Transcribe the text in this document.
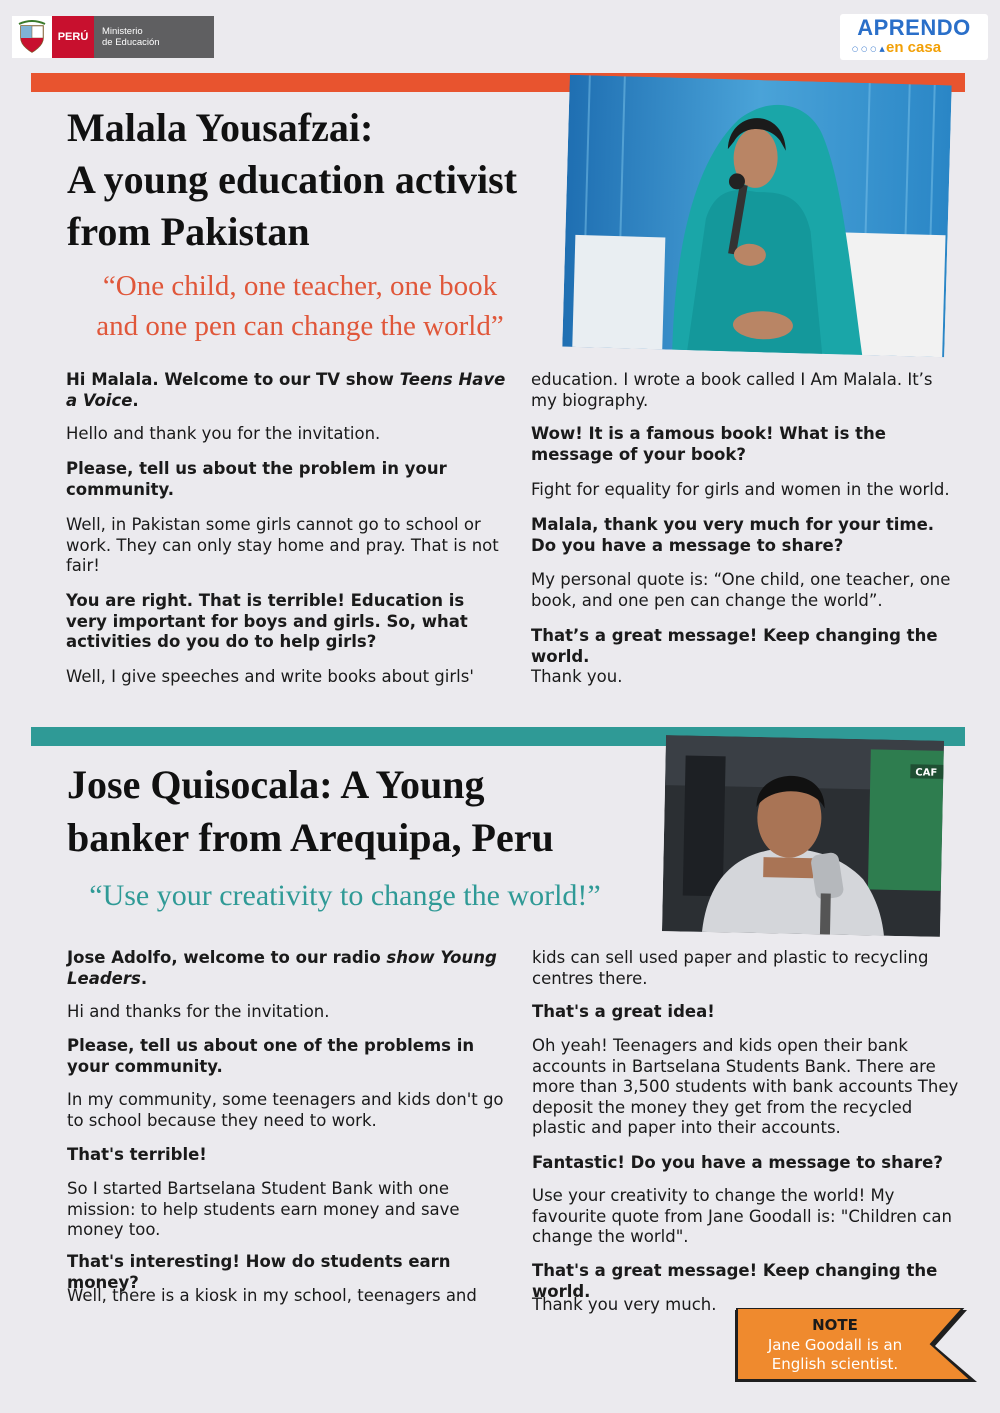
PERÚ	Ministerio
de Educación
APRENDO
○○○▲
en casa
Malala Yousafzai:
A young education activist
from Pakistan
“One child, one teacher, one book
and one pen can change the world”
Hi Malala. Welcome to our TV show Teens Have a Voice.
Hello and thank you for the invitation.
Please, tell us about the problem in your community.
Well, in Pakistan some girls cannot go to school or work. They can only stay home and pray. That is not fair!
You are right. That is terrible! Education is very important for boys and girls. So, what activities do you do to help girls?
Well, I give speeches and write books about girls'
education. I wrote a book called I Am Malala. It’s my biography.
Wow! It is a famous book! What is the message of your book?
Fight for equality for girls and women in the world.
Malala, thank you very much for your time. Do you have a message to share?
My personal quote is: “One child, one teacher, one book, and one pen can change the world”.
That’s a great message! Keep changing the world.
Thank you.
CAF
Jose Quisocala: A Young
banker from Arequipa, Peru
“Use your creativity to change the world!”
Jose Adolfo, welcome to our radio show Young Leaders.
Hi and thanks for the invitation.
Please, tell us about one of the problems in your community.
In my community, some teenagers and kids don't go to school because they need to work.
That's terrible!
So I started Bartselana Student Bank with one mission: to help students earn money and save money too.
That's interesting! How do students earn money?
Well, there is a kiosk in my school, teenagers and
kids can sell used paper and plastic to recycling centres there.
That's a great idea!
Oh yeah! Teenagers and kids open their bank accounts in Bartselana Students Bank. There are more than 3,500 students with bank accounts They deposit the money they get from the recycled plastic and paper into their accounts.
Fantastic! Do you have a message to share?
Use your creativity to change the world! My favourite quote from Jane Goodall is: "Children can change the world".
That's a great message! Keep changing the world.
Thank you very much.
NOTE
Jane Goodall is an
English scientist.
